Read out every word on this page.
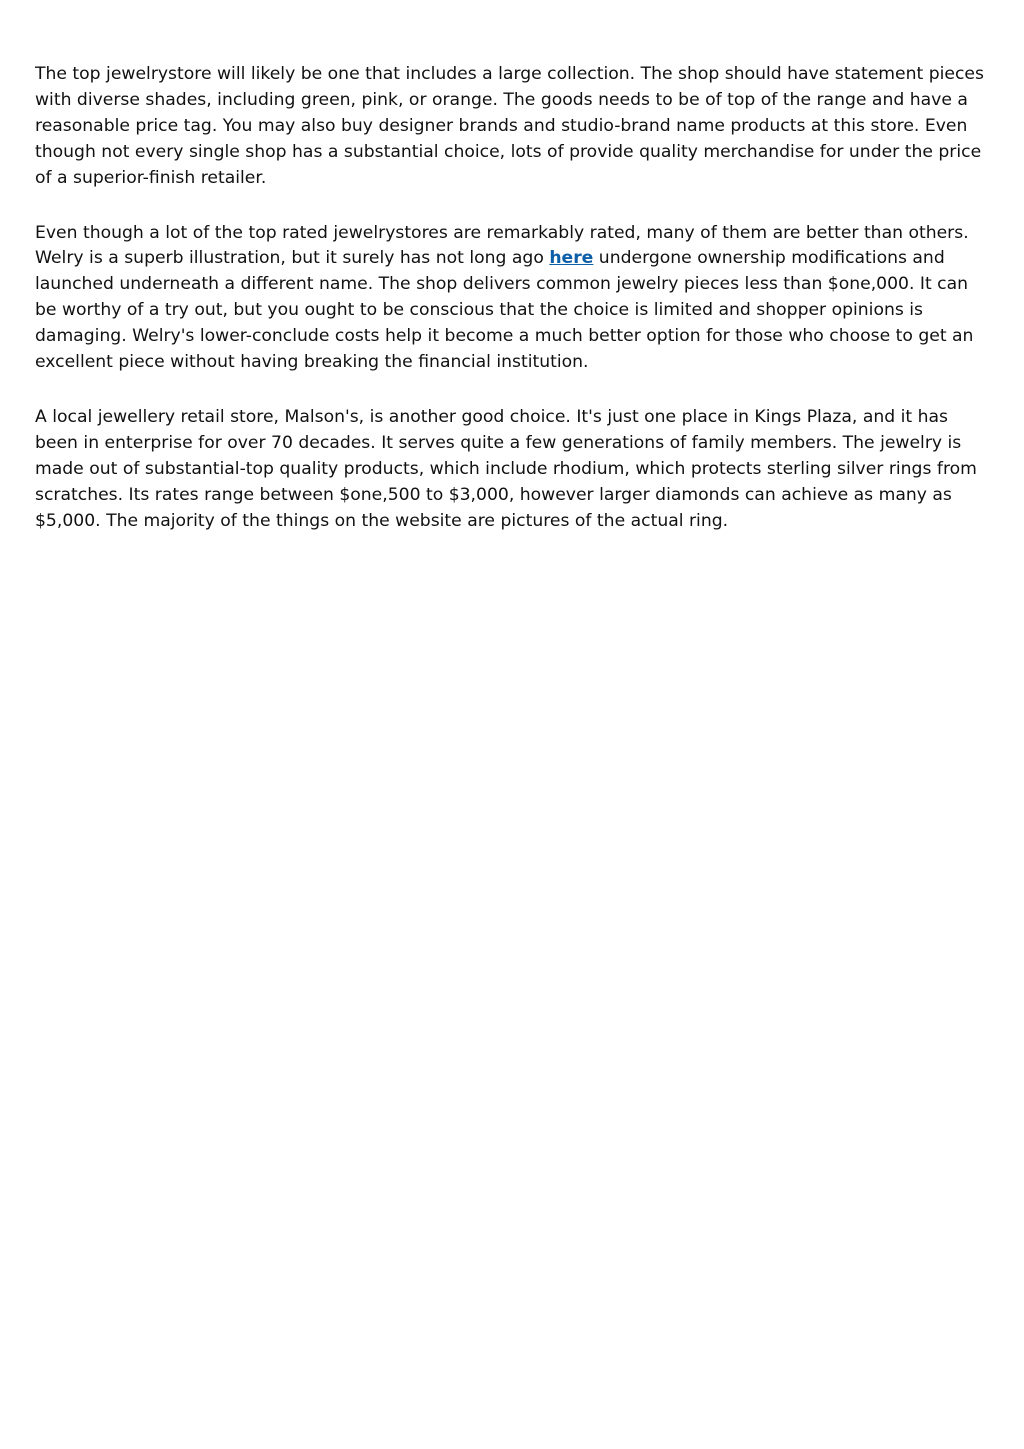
The top jewelrystore will likely be one that includes a large collection. The shop should have statement pieces with diverse shades, including green, pink, or orange. The goods needs to be of top of the range and have a reasonable price tag. You may also buy designer brands and studio-brand name products at this store. Even though not every single shop has a substantial choice, lots of provide quality merchandise for under the price of a superior-finish retailer.

Even though a lot of the top rated jewelrystores are remarkably rated, many of them are better than others. Welry is a superb illustration, but it surely has not long ago here undergone ownership modifications and launched underneath a different name. The shop delivers common jewelry pieces less than $one,000. It can be worthy of a try out, but you ought to be conscious that the choice is limited and shopper opinions is damaging. Welry's lower-conclude costs help it become a much better option for those who choose to get an excellent piece without having breaking the financial institution.

A local jewellery retail store, Malson's, is another good choice. It's just one place in Kings Plaza, and it has been in enterprise for over 70 decades. It serves quite a few generations of family members. The jewelry is made out of substantial-top quality products, which include rhodium, which protects sterling silver rings from scratches. Its rates range between $one,500 to $3,000, however larger diamonds can achieve as many as $5,000. The majority of the things on the website are pictures of the actual ring.
